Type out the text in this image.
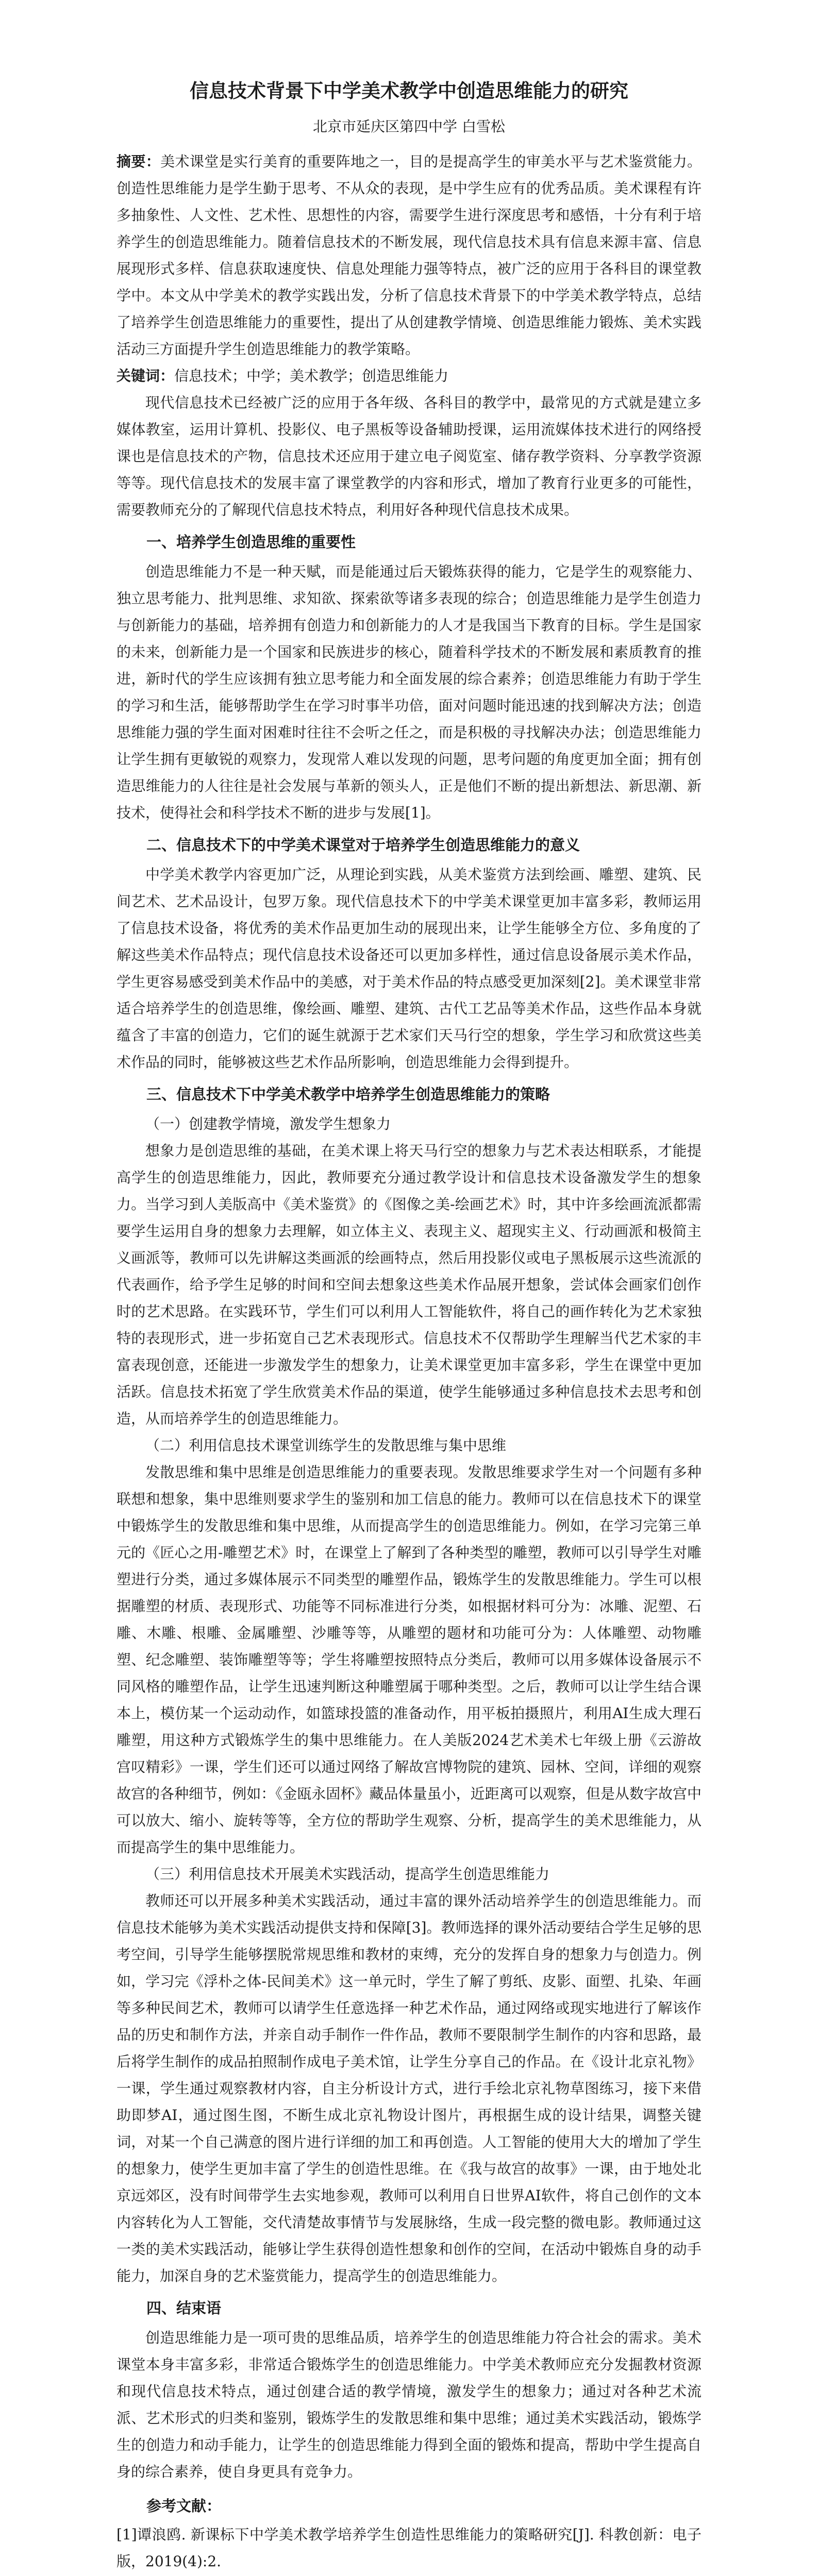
信息技术背景下中学美术教学中创造思维能力的研究
北京市延庆区第四中学 白雪松

摘要：美术课堂是实行美育的重要阵地之一，目的是提高学生的审美水平与艺术鉴赏能力。创造性思维能力是学生勤于思考、不从众的表现，是中学生应有的优秀品质。美术课程有许多抽象性、人文性、艺术性、思想性的内容，需要学生进行深度思考和感悟，十分有利于培养学生的创造思维能力。随着信息技术的不断发展，现代信息技术具有信息来源丰富、信息展现形式多样、信息获取速度快、信息处理能力强等特点，被广泛的应用于各科目的课堂教学中。本文从中学美术的教学实践出发，分析了信息技术背景下的中学美术教学特点，总结了培养学生创造思维能力的重要性，提出了从创建教学情境、创造思维能力锻炼、美术实践活动三方面提升学生创造思维能力的教学策略。

关键词：信息技术；中学；美术教学；创造思维能力

现代信息技术已经被广泛的应用于各年级、各科目的教学中，最常见的方式就是建立多媒体教室，运用计算机、投影仪、电子黑板等设备辅助授课，运用流媒体技术进行的网络授课也是信息技术的产物，信息技术还应用于建立电子阅览室、储存教学资料、分享教学资源等等。现代信息技术的发展丰富了课堂教学的内容和形式，增加了教育行业更多的可能性，需要教师充分的了解现代信息技术特点，利用好各种现代信息技术成果。

一、培养学生创造思维的重要性

创造思维能力不是一种天赋，而是能通过后天锻炼获得的能力，它是学生的观察能力、独立思考能力、批判思维、求知欲、探索欲等诸多表现的综合；创造思维能力是学生创造力与创新能力的基础，培养拥有创造力和创新能力的人才是我国当下教育的目标。学生是国家的未来，创新能力是一个国家和民族进步的核心，随着科学技术的不断发展和素质教育的推进，新时代的学生应该拥有独立思考能力和全面发展的综合素养；创造思维能力有助于学生的学习和生活，能够帮助学生在学习时事半功倍，面对问题时能迅速的找到解决方法；创造思维能力强的学生面对困难时往往不会听之任之，而是积极的寻找解决办法；创造思维能力让学生拥有更敏锐的观察力，发现常人难以发现的问题，思考问题的角度更加全面；拥有创造思维能力的人往往是社会发展与革新的领头人，正是他们不断的提出新想法、新思潮、新技术，使得社会和科学技术不断的进步与发展[1]。

二、信息技术下的中学美术课堂对于培养学生创造思维能力的意义

中学美术教学内容更加广泛，从理论到实践，从美术鉴赏方法到绘画、雕塑、建筑、民间艺术、艺术品设计，包罗万象。现代信息技术下的中学美术课堂更加丰富多彩，教师运用了信息技术设备，将优秀的美术作品更加生动的展现出来，让学生能够全方位、多角度的了解这些美术作品特点；现代信息技术设备还可以更加多样性，通过信息设备展示美术作品，学生更容易感受到美术作品中的美感，对于美术作品的特点感受更加深刻[2]。美术课堂非常适合培养学生的创造思维，像绘画、雕塑、建筑、古代工艺品等美术作品，这些作品本身就蕴含了丰富的创造力，它们的诞生就源于艺术家们天马行空的想象，学生学习和欣赏这些美术作品的同时，能够被这些艺术作品所影响，创造思维能力会得到提升。

三、信息技术下中学美术教学中培养学生创造思维能力的策略
（一）创建教学情境，激发学生想象力

想象力是创造思维的基础，在美术课上将天马行空的想象力与艺术表达相联系，才能提高学生的创造思维能力，因此，教师要充分通过教学设计和信息技术设备激发学生的想象力。当学习到人美版高中《美术鉴赏》的《图像之美-绘画艺术》时，其中许多绘画流派都需要学生运用自身的想象力去理解，如立体主义、表现主义、超现实主义、行动画派和极简主义画派等，教师可以先讲解这类画派的绘画特点，然后用投影仪或电子黑板展示这些流派的代表画作，给予学生足够的时间和空间去想象这些美术作品展开想象，尝试体会画家们创作时的艺术思路。在实践环节，学生们可以利用人工智能软件，将自己的画作转化为艺术家独特的表现形式，进一步拓宽自己艺术表现形式。信息技术不仅帮助学生理解当代艺术家的丰富表现创意，还能进一步激发学生的想象力，让美术课堂更加丰富多彩，学生在课堂中更加活跃。信息技术拓宽了学生欣赏美术作品的渠道，使学生能够通过多种信息技术去思考和创造，从而培养学生的创造思维能力。

（二）利用信息技术课堂训练学生的发散思维与集中思维

发散思维和集中思维是创造思维能力的重要表现。发散思维要求学生对一个问题有多种联想和想象，集中思维则要求学生的鉴别和加工信息的能力。教师可以在信息技术下的课堂中锻炼学生的发散思维和集中思维，从而提高学生的创造思维能力。例如，在学习完第三单元的《匠心之用-雕塑艺术》时，在课堂上了解到了各种类型的雕塑，教师可以引导学生对雕塑进行分类，通过多媒体展示不同类型的雕塑作品，锻炼学生的发散思维能力。学生可以根据雕塑的材质、表现形式、功能等不同标准进行分类，如根据材料可分为：冰雕、泥塑、石雕、木雕、根雕、金属雕塑、沙雕等等，从雕塑的题材和功能可分为：人体雕塑、动物雕塑、纪念雕塑、装饰雕塑等等；学生将雕塑按照特点分类后，教师可以用多媒体设备展示不同风格的雕塑作品，让学生迅速判断这种雕塑属于哪种类型。之后，教师可以让学生结合课本上，模仿某一个运动动作，如篮球投篮的准备动作，用平板拍摄照片，利用AI生成大理石雕塑，用这种方式锻炼学生的集中思维能力。在人美版2024艺术美术七年级上册《云游故宫叹精彩》一课，学生们还可以通过网络了解故宫博物院的建筑、园林、空间，详细的观察故宫的各种细节，例如：《金瓯永固杯》藏品体量虽小，近距离可以观察，但是从数字故宫中可以放大、缩小、旋转等等，全方位的帮助学生观察、分析，提高学生的美术思维能力，从而提高学生的集中思维能力。

（三）利用信息技术开展美术实践活动，提高学生创造思维能力

教师还可以开展多种美术实践活动，通过丰富的课外活动培养学生的创造思维能力。而信息技术能够为美术实践活动提供支持和保障[3]。教师选择的课外活动要结合学生足够的思考空间，引导学生能够摆脱常规思维和教材的束缚，充分的发挥自身的想象力与创造力。例如，学习完《浮朴之体-民间美术》这一单元时，学生了解了剪纸、皮影、面塑、扎染、年画等多种民间艺术，教师可以请学生任意选择一种艺术作品，通过网络或现实地进行了解该作品的历史和制作方法，并亲自动手制作一件作品，教师不要限制学生制作的内容和思路，最后将学生制作的成品拍照制作成电子美术馆，让学生分享自己的作品。在《设计北京礼物》一课，学生通过观察教材内容，自主分析设计方式，进行手绘北京礼物草图练习，接下来借助即梦AI，通过图生图，不断生成北京礼物设计图片，再根据生成的设计结果，调整关键词，对某一个自己满意的图片进行详细的加工和再创造。人工智能的使用大大的增加了学生的想象力，使学生更加丰富了学生的创造性思维。在《我与故宫的故事》一课，由于地处北京远郊区，没有时间带学生去实地参观，教师可以利用自日世界AI软件，将自己创作的文本内容转化为人工智能，交代清楚故事情节与发展脉络，生成一段完整的微电影。教师通过这一类的美术实践活动，能够让学生获得创造性想象和创作的空间，在活动中锻炼自身的动手能力，加深自身的艺术鉴赏能力，提高学生的创造思维能力。

四、结束语

创造思维能力是一项可贵的思维品质，培养学生的创造思维能力符合社会的需求。美术课堂本身丰富多彩，非常适合锻炼学生的创造思维能力。中学美术教师应充分发掘教材资源和现代信息技术特点，通过创建合适的教学情境，激发学生的想象力；通过对各种艺术流派、艺术形式的归类和鉴别，锻炼学生的发散思维和集中思维；通过美术实践活动，锻炼学生的创造力和动手能力，让学生的创造思维能力得到全面的锻炼和提高，帮助中学生提高自身的综合素养，使自身更具有竞争力。

参考文献：

[1]谭浪鸥. 新课标下中学美术教学培养学生创造性思维能力的策略研究[J]. 科教创新：电子版，2019(4):2.
